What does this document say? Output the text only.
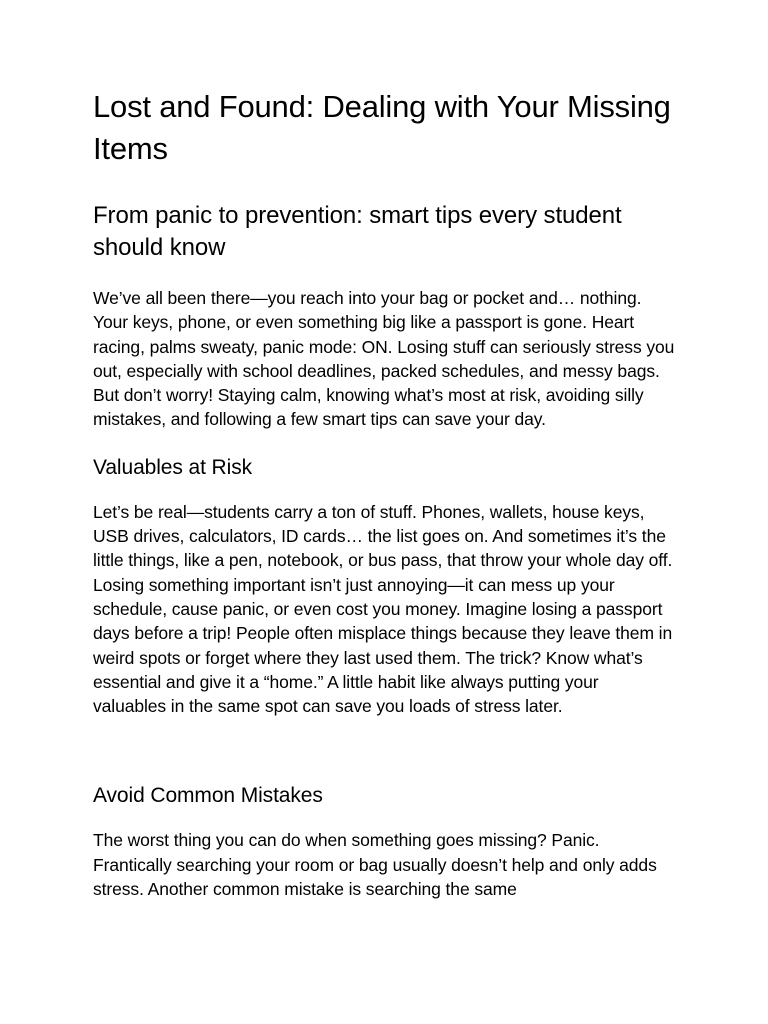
Lost and Found: Dealing with Your Missing Items
From panic to prevention: smart tips every student should know

We’ve all been there—you reach into your bag or pocket and… nothing. Your keys, phone, or even something big like a passport is gone. Heart racing, palms sweaty, panic mode: ON. Losing stuff can seriously stress you out, especially with school deadlines, packed schedules, and messy bags. But don’t worry! Staying calm, knowing what’s most at risk, avoiding silly mistakes, and following a few smart tips can save your day.

Valuables at Risk

Let’s be real—students carry a ton of stuff. Phones, wallets, house keys, USB drives, calculators, ID cards… the list goes on. And sometimes it’s the little things, like a pen, notebook, or bus pass, that throw your whole day off. Losing something important isn’t just annoying—it can mess up your schedule, cause panic, or even cost you money. Imagine losing a passport days before a trip! People often misplace things because they leave them in weird spots or forget where they last used them. The trick? Know what’s essential and give it a “home.” A little habit like always putting your valuables in the same spot can save you loads of stress later.

Avoid Common Mistakes

The worst thing you can do when something goes missing? Panic. Frantically searching your room or bag usually doesn’t help and only adds stress. Another common mistake is searching the same
